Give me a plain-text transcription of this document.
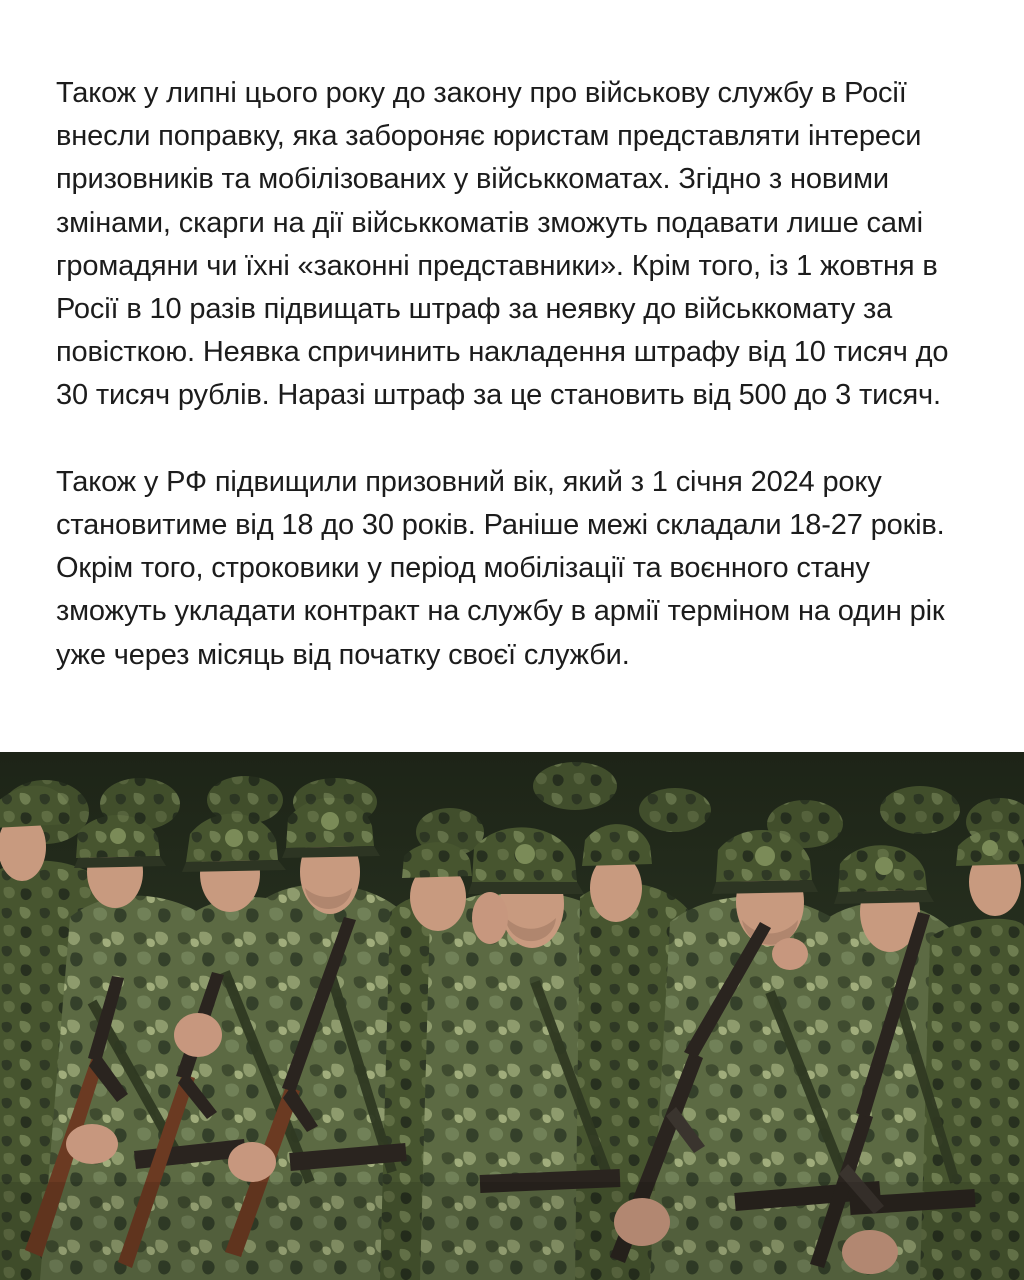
Також у липні цього року до закону про військову службу в Росії внесли поправку, яка забороняє юристам представляти інтереси призовників та мобілізованих у військкоматах. Згідно з новими змінами, скарги на дії військкоматів зможуть подавати лише самі громадяни чи їхні «законні представники». Крім того, із 1 жовтня в Росії в 10 разів підвищать штраф за неявку до військкомату за повісткою. Неявка спричинить накладення штрафу від 10 тисяч до 30 тисяч рублів. Наразі штраф за це становить від 500 до 3 тисяч.

Також у РФ підвищили призовний вік, який з 1 січня 2024 року становитиме від 18 до 30 років. Раніше межі складали 18-27 років. Окрім того, строковики у період мобілізації та воєнного стану зможуть укладати контракт на службу в армії терміном на один рік уже через місяць від початку своєї служби.
